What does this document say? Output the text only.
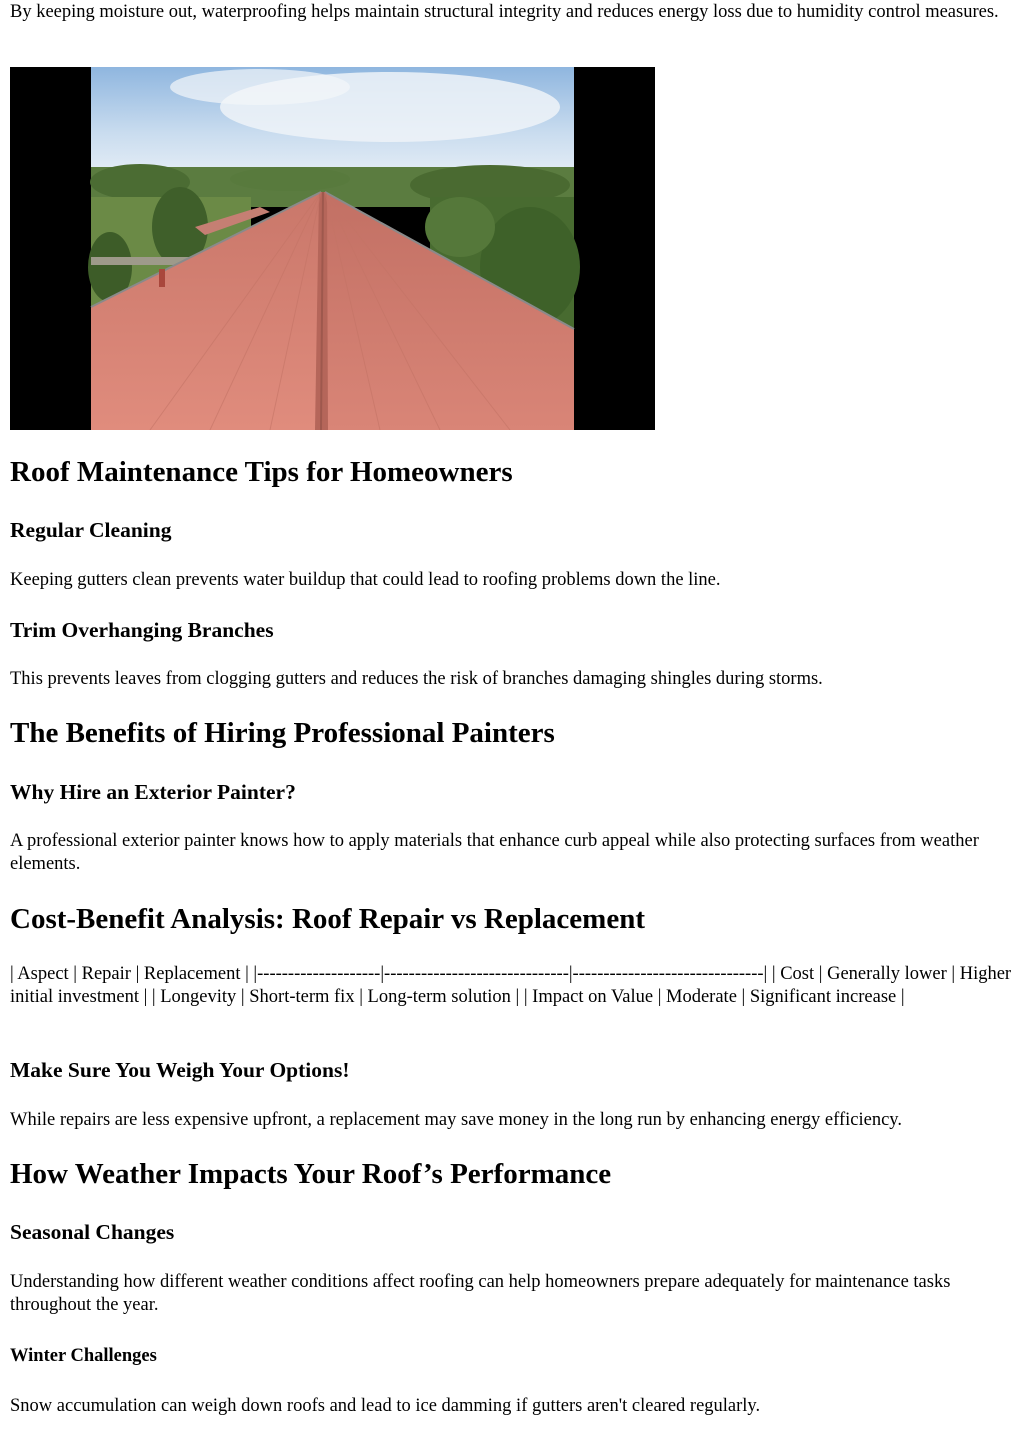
By keeping moisture out, waterproofing helps maintain structural integrity and reduces energy loss due to humidity control measures.

Roof Maintenance Tips for Homeowners
Regular Cleaning

Keeping gutters clean prevents water buildup that could lead to roofing problems down the line.

Trim Overhanging Branches

This prevents leaves from clogging gutters and reduces the risk of branches damaging shingles during storms.

The Benefits of Hiring Professional Painters
Why Hire an Exterior Painter?

A professional exterior painter knows how to apply materials that enhance curb appeal while also protecting surfaces from weather elements.

Cost-Benefit Analysis: Roof Repair vs Replacement

| Aspect | Repair | Replacement | |--------------------|------------------------------|-------------------------------| | Cost | Generally lower | Higher initial investment | | Longevity | Short-term fix | Long-term solution | | Impact on Value | Moderate | Significant increase |

Make Sure You Weigh Your Options!

While repairs are less expensive upfront, a replacement may save money in the long run by enhancing energy efficiency.

How Weather Impacts Your Roof’s Performance
Seasonal Changes

Understanding how different weather conditions affect roofing can help homeowners prepare adequately for maintenance tasks throughout the year.

Winter Challenges

Snow accumulation can weigh down roofs and lead to ice damming if gutters aren't cleared regularly.
